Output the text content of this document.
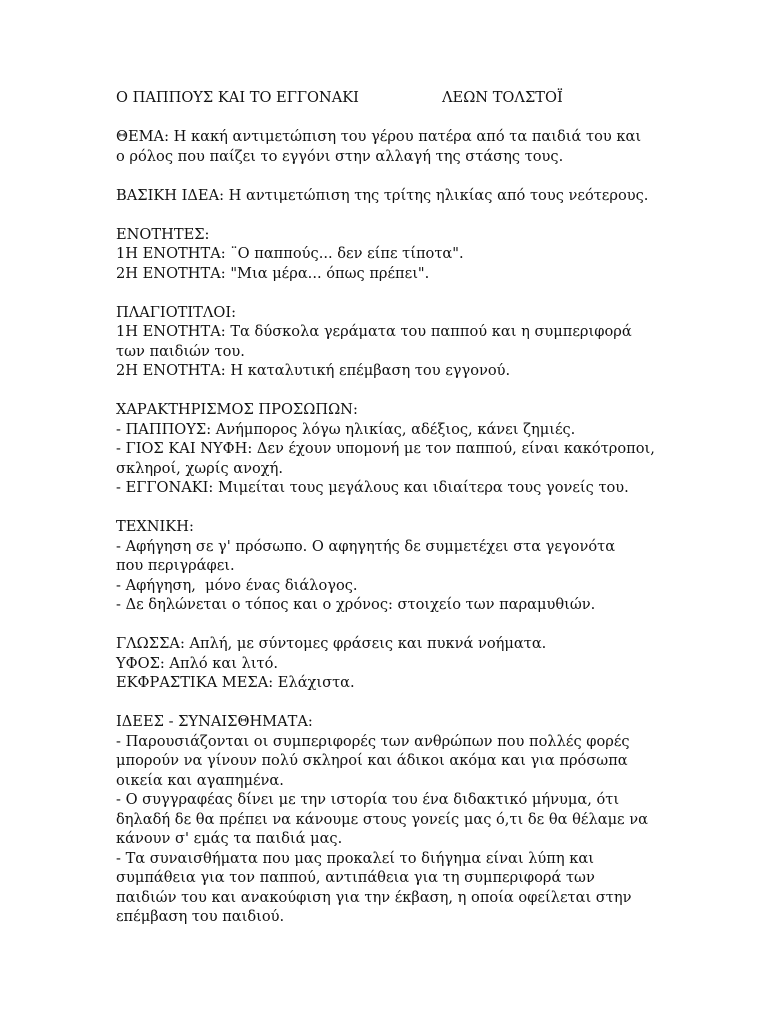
Ο ΠΑΠΠΟΥΣ ΚΑΙ ΤΟ ΕΓΓΟΝΑΚΙ	ΛΕΩΝ ΤΟΛΣΤΟΪ
ΘΕΜΑ: Η κακή αντιμετώπιση του γέρου πατέρα από τα παιδιά του και
ο ρόλος που παίζει το εγγόνι στην αλλαγή της στάσης τους.
ΒΑΣΙΚΗ ΙΔΕΑ: Η αντιμετώπιση της τρίτης ηλικίας από τους νεότερους.
ΕΝΟΤΗΤΕΣ:
1Η ΕΝΟΤΗΤΑ: ¨Ο παππούς... δεν είπε τίποτα".
2Η ΕΝΟΤΗΤΑ: "Μια μέρα... όπως πρέπει".
ΠΛΑΓΙΟΤΙΤΛΟΙ:
1Η ΕΝΟΤΗΤΑ: Τα δύσκολα γεράματα του παππού και η συμπεριφορά
των παιδιών του.
2Η ΕΝΟΤΗΤΑ: Η καταλυτική επέμβαση του εγγονού.
ΧΑΡΑΚΤΗΡΙΣΜΟΣ ΠΡΟΣΩΠΩΝ:
- ΠΑΠΠΟΥΣ: Ανήμπορος λόγω ηλικίας, αδέξιος, κάνει ζημιές.
- ΓΙΟΣ ΚΑΙ ΝΥΦΗ: Δεν έχουν υπομονή με τον παππού, είναι κακότροποι,
σκληροί, χωρίς ανοχή.
- ΕΓΓΟΝΑΚΙ: Μιμείται τους μεγάλους και ιδιαίτερα τους γονείς του.
ΤΕΧΝΙΚΗ:
- Αφήγηση σε γ' πρόσωπο. Ο αφηγητής δε συμμετέχει στα γεγονότα
που περιγράφει.
- Αφήγηση,  μόνο ένας διάλογος.
- Δε δηλώνεται ο τόπος και ο χρόνος: στοιχείο των παραμυθιών.
ΓΛΩΣΣΑ: Απλή, με σύντομες φράσεις και πυκνά νοήματα.
ΥΦΟΣ: Απλό και λιτό.
ΕΚΦΡΑΣΤΙΚΑ ΜΕΣΑ: Ελάχιστα.
ΙΔΕΕΣ - ΣΥΝΑΙΣΘΗΜΑΤΑ:
- Παρουσιάζονται οι συμπεριφορές των ανθρώπων που πολλές φορές
μπορούν να γίνουν πολύ σκληροί και άδικοι ακόμα και για πρόσωπα
οικεία και αγαπημένα.
- Ο συγγραφέας δίνει με την ιστορία του ένα διδακτικό μήνυμα, ότι
δηλαδή δε θα πρέπει να κάνουμε στους γονείς μας ό,τι δε θα θέλαμε να
κάνουν σ' εμάς τα παιδιά μας.
- Τα συναισθήματα που μας προκαλεί το διήγημα είναι λύπη και
συμπάθεια για τον παππού, αντιπάθεια για τη συμπεριφορά των
παιδιών του και ανακούφιση για την έκβαση, η οποία οφείλεται στην
επέμβαση του παιδιού.
